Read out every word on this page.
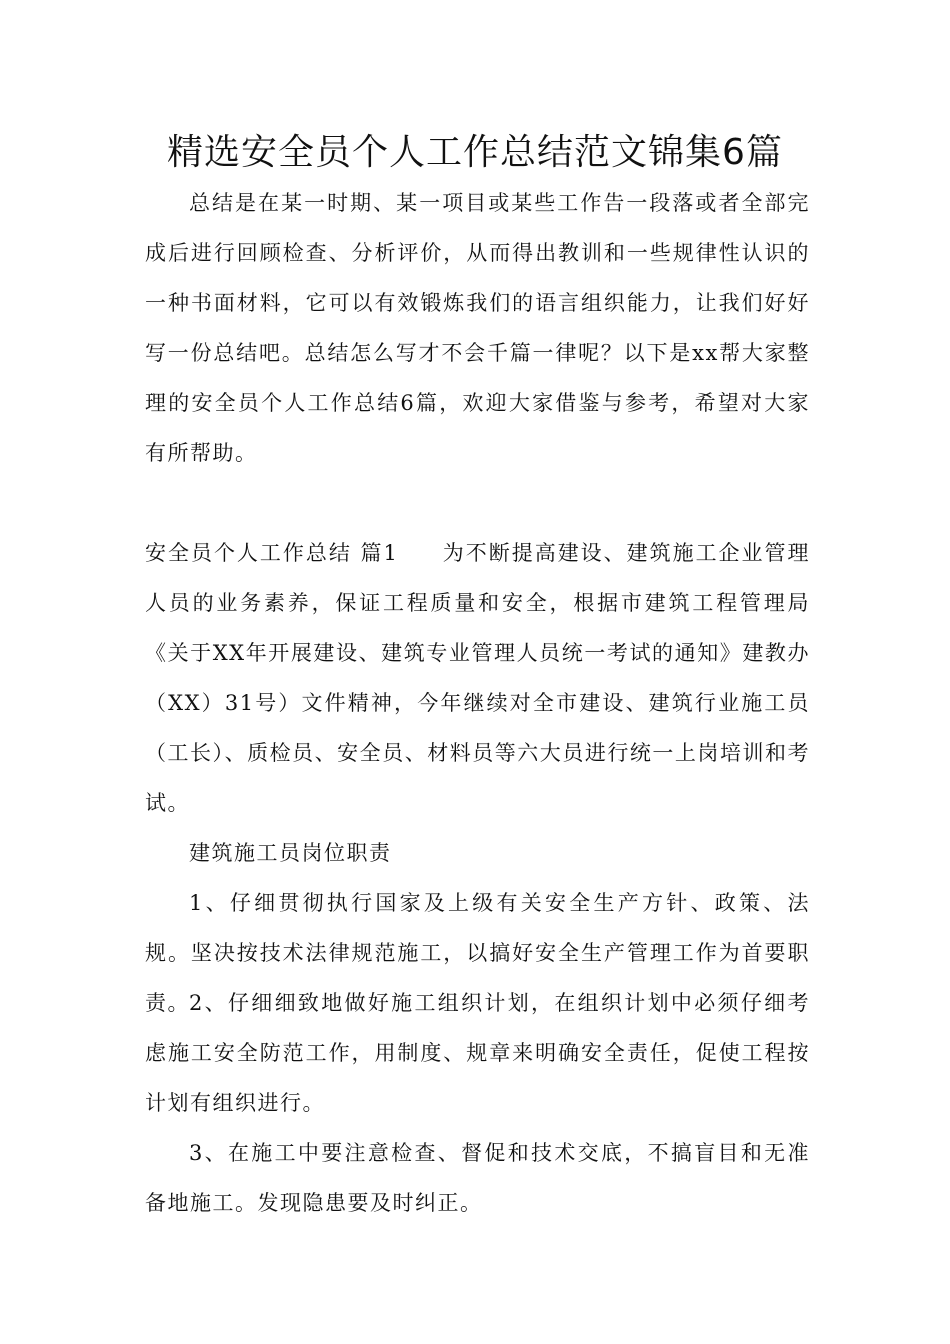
精选安全员个人工作总结范文锦集6篇

总结是在某一时期、某一项目或某些工作告一段落或者全部完成后进行回顾检查、分析评价，从而得出教训和一些规律性认识的一种书面材料，它可以有效锻炼我们的语言组织能力，让我们好好写一份总结吧。总结怎么写才不会千篇一律呢？以下是xx帮大家整理的安全员个人工作总结6篇，欢迎大家借鉴与参考，希望对大家有所帮助。

安全员个人工作总结 篇1 为不断提高建设、建筑施工企业管理人员的业务素养，保证工程质量和安全，根据市建筑工程管理局《关于XX年开展建设、建筑专业管理人员统一考试的通知》建教办（XX）31号）文件精神，今年继续对全市建设、建筑行业施工员（工长）、质检员、安全员、材料员等六大员进行统一上岗培训和考试。

建筑施工员岗位职责

1、仔细贯彻执行国家及上级有关安全生产方针、政策、法规。坚决按技术法律规范施工，以搞好安全生产管理工作为首要职责。 2、仔细细致地做好施工组织计划，在组织计划中必须仔细考虑施工安全防范工作，用制度、规章来明确安全责任，促使工程按计划有组织进行。

3、在施工中要注意检查、督促和技术交底，不搞盲目和无准备地施工。发现隐患要及时纠正。
